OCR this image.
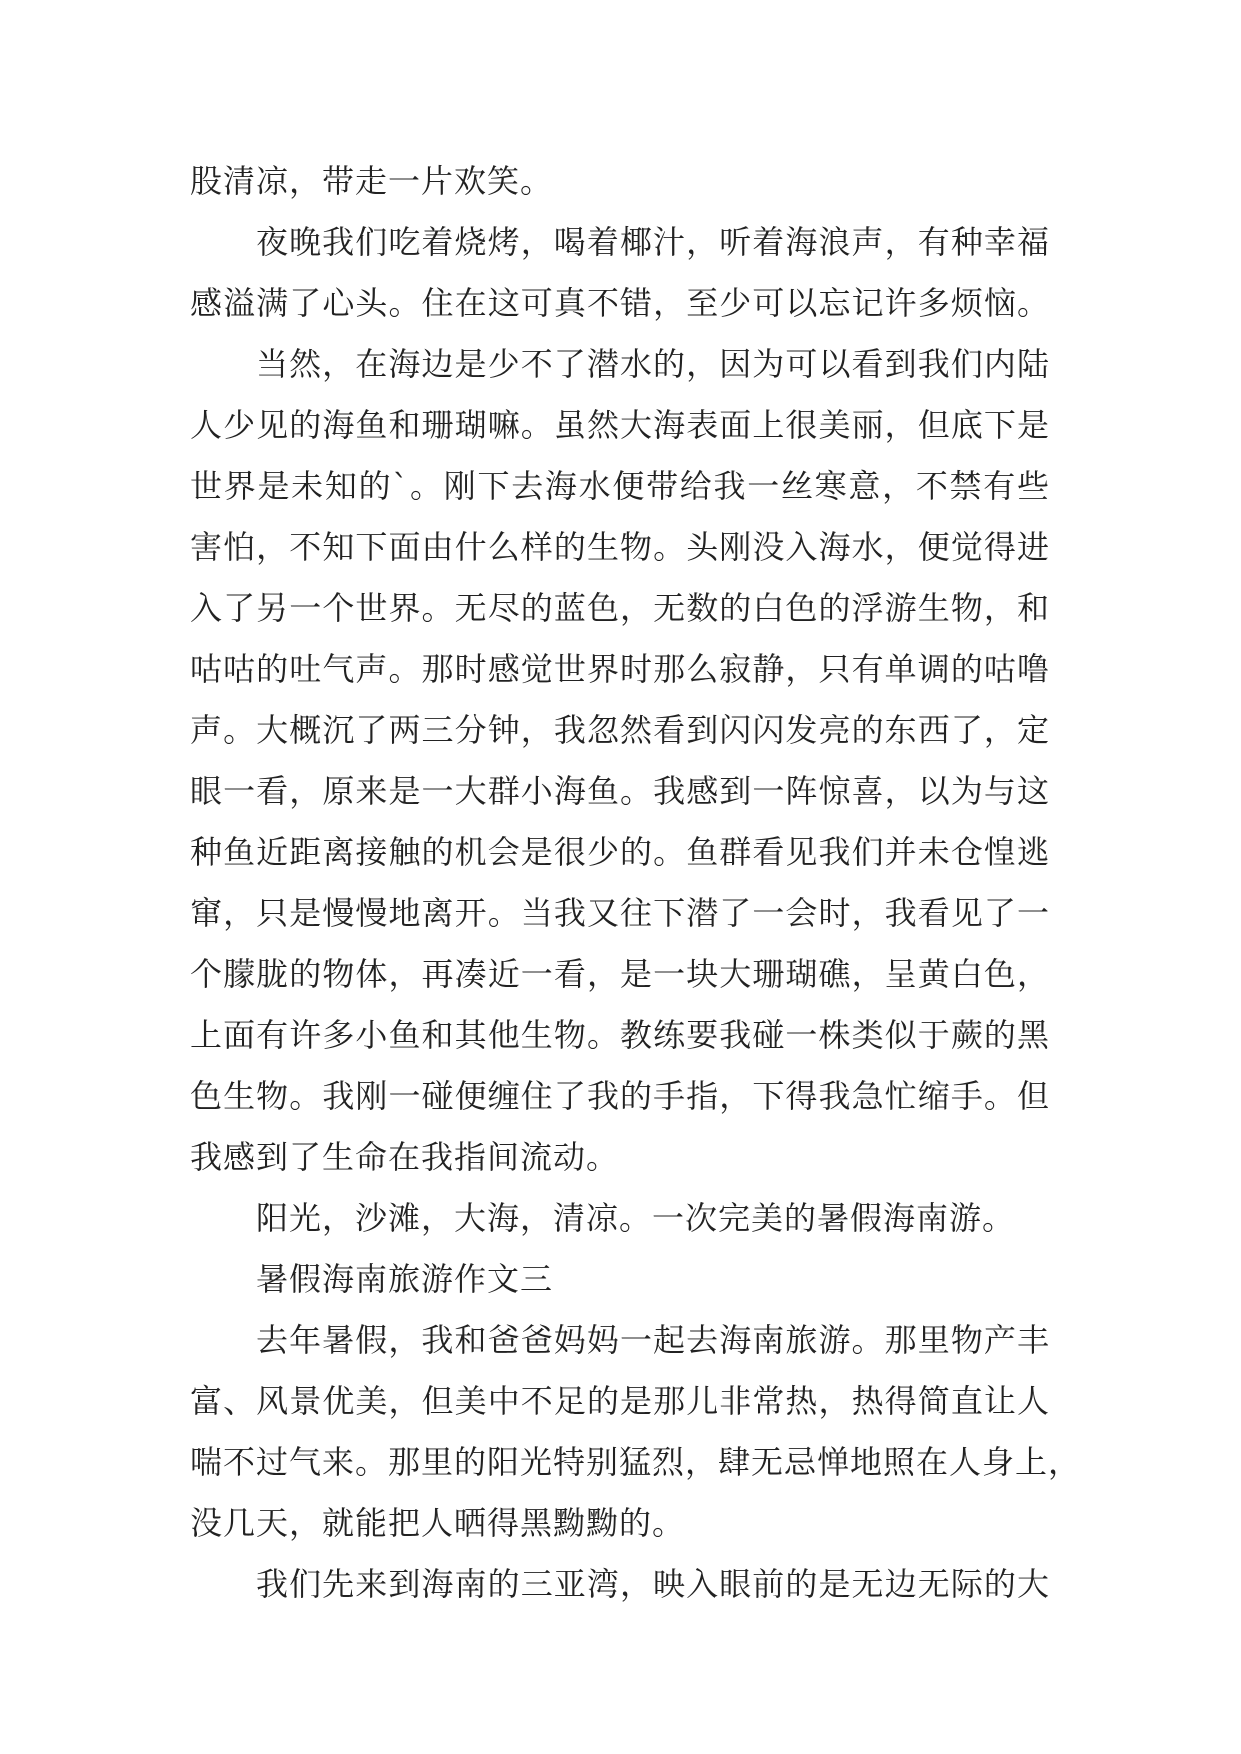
股清凉，带走一片欢笑。
夜晚我们吃着烧烤，喝着椰汁，听着海浪声，有种幸福
感溢满了心头。住在这可真不错，至少可以忘记许多烦恼。
当然，在海边是少不了潜水的，因为可以看到我们内陆
人少见的海鱼和珊瑚嘛。虽然大海表面上很美丽，但底下是
世界是未知的`。刚下去海水便带给我一丝寒意，不禁有些
害怕，不知下面由什么样的生物。头刚没入海水，便觉得进
入了另一个世界。无尽的蓝色，无数的白色的浮游生物，和
咕咕的吐气声。那时感觉世界时那么寂静，只有单调的咕噜
声。大概沉了两三分钟，我忽然看到闪闪发亮的东西了，定
眼一看，原来是一大群小海鱼。我感到一阵惊喜，以为与这
种鱼近距离接触的机会是很少的。鱼群看见我们并未仓惶逃
窜，只是慢慢地离开。当我又往下潜了一会时，我看见了一
个朦胧的物体，再凑近一看，是一块大珊瑚礁，呈黄白色，
上面有许多小鱼和其他生物。教练要我碰一株类似于蕨的黑
色生物。我刚一碰便缠住了我的手指，下得我急忙缩手。但
我感到了生命在我指间流动。
阳光，沙滩，大海，清凉。一次完美的暑假海南游。
暑假海南旅游作文三
去年暑假，我和爸爸妈妈一起去海南旅游。那里物产丰
富、风景优美，但美中不足的是那儿非常热，热得简直让人
喘不过气来。那里的阳光特别猛烈，肆无忌惮地照在人身上，
没几天，就能把人晒得黑黝黝的。
我们先来到海南的三亚湾，映入眼前的是无边无际的大
